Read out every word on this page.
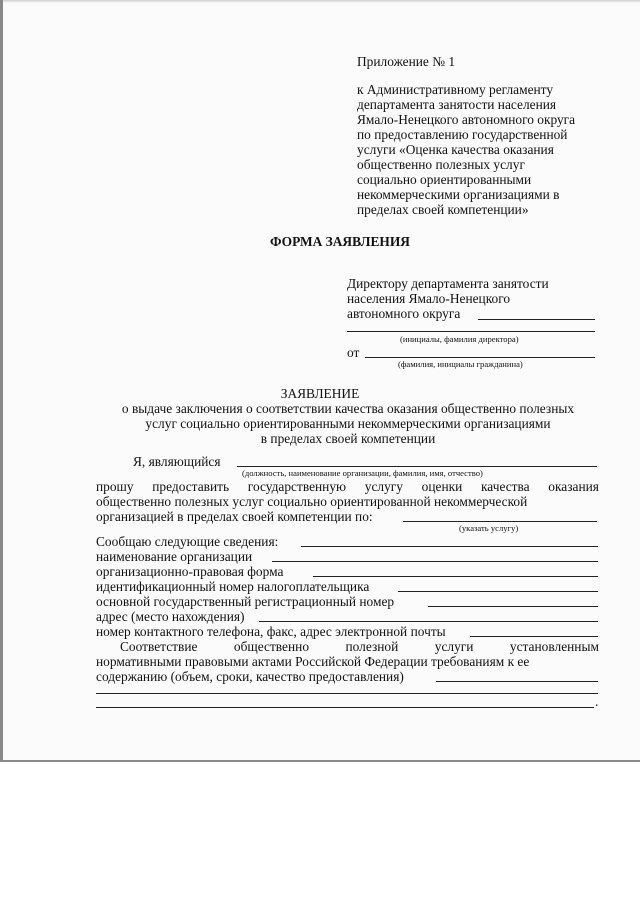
Приложение № 1
к Административному регламенту
департамента занятости населения
Ямало-Ненецкого автономного округа
по предоставлению государственной
услуги «Оценка качества оказания
общественно полезных услуг
социально ориентированными
некоммерческими организациями в
пределах своей компетенции»
ФОРМА ЗАЯВЛЕНИЯ
Директору департамента занятости
населения Ямало-Ненецкого
автономного округа
(инициалы, фамилия директора)
от
(фамилия, инициалы гражданина)
ЗАЯВЛЕНИЕ
о выдаче заключения о соответствии качества оказания общественно полезных
услуг социально ориентированными некоммерческими организациями
в пределах своей компетенции
Я, являющийся
(должность, наименование организации, фамилия, имя, отчество)
прошу предоставить государственную услугу оценки качества оказания
общественно полезных услуг социально ориентированной некоммерческой
организацией в пределах своей компетенции по:
(указать услугу)
Сообщаю следующие сведения:
наименование организации
организационно-правовая форма
идентификационный номер налогоплательщика
основной государственный регистрационный номер
адрес (место нахождения)
номер контактного телефона, факс, адрес электронной почты
Соответствие	общественно	полезной	услуги	установленным
нормативными правовыми актами Российской Федерации требованиям к ее
содержанию (объем, сроки, качество предоставления)
.
